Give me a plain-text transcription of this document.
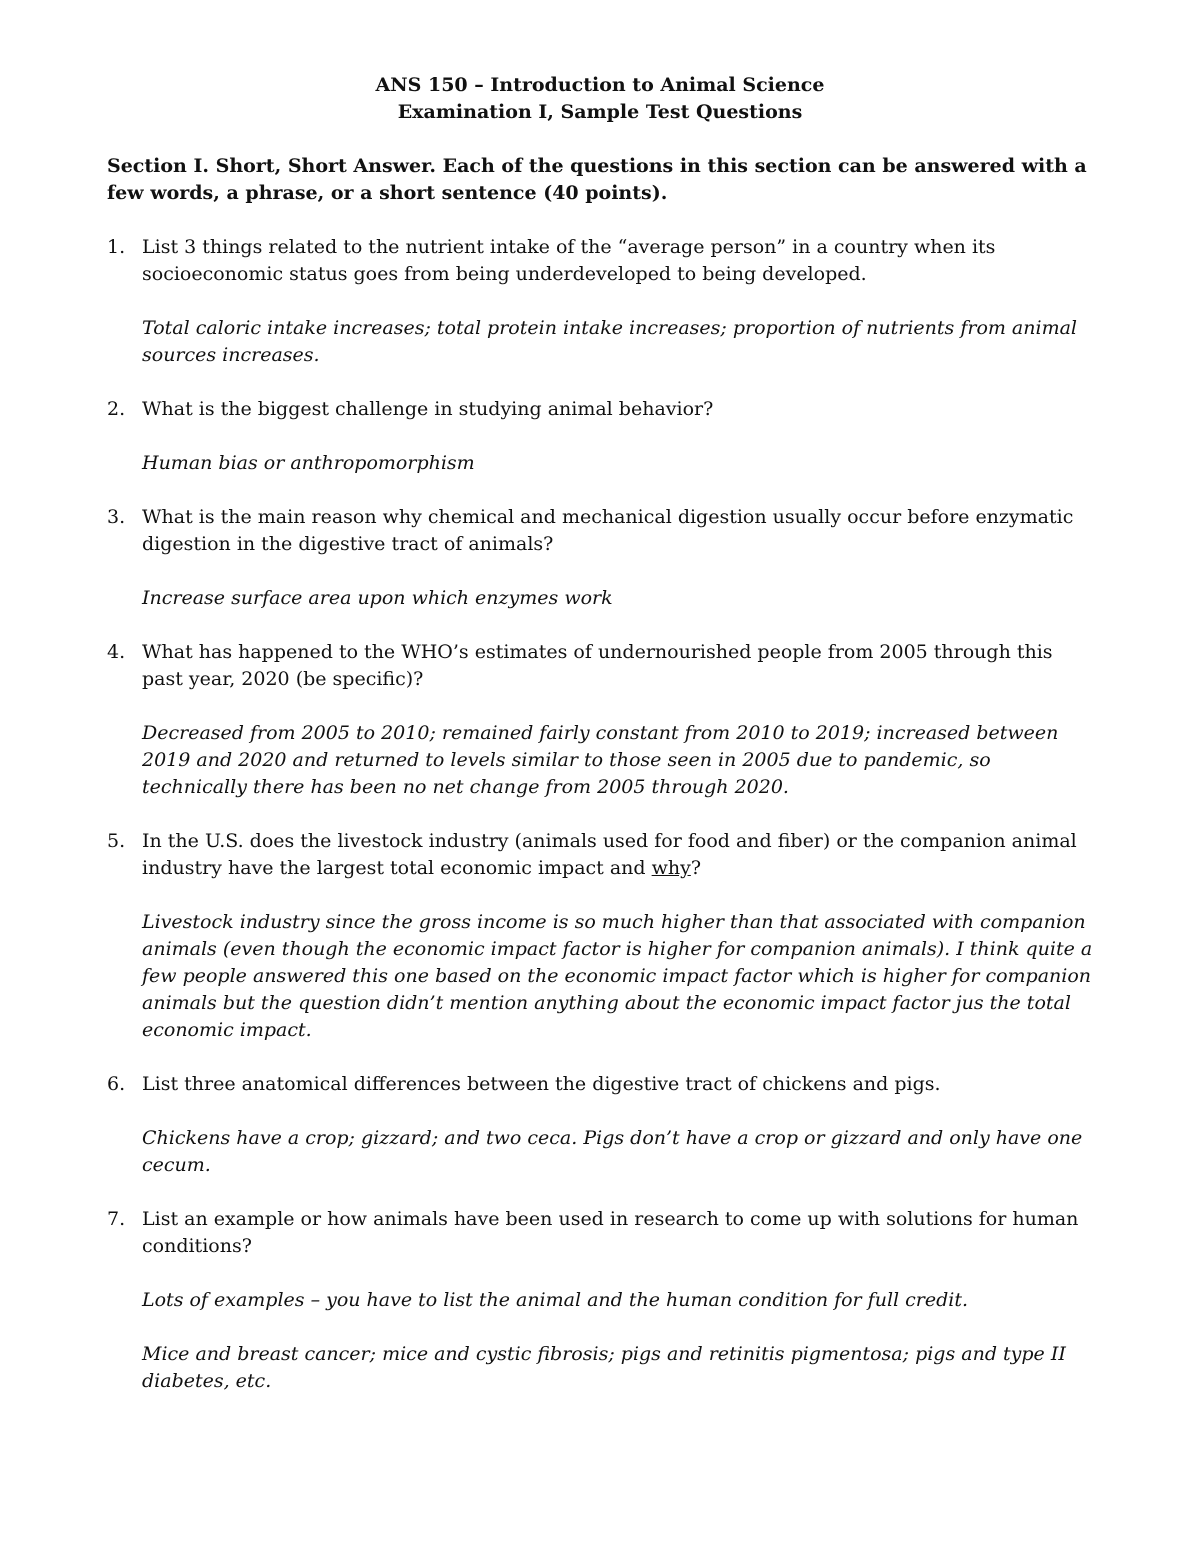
ANS 150 – Introduction to Animal Science
Examination I, Sample Test Questions
Section I. Short, Short Answer. Each of the questions in this section can be answered with a few words, a phrase, or a short sentence (40 points).
1. List 3 things related to the nutrient intake of the “average person” in a country when its socioeconomic status goes from being underdeveloped to being developed.
Total caloric intake increases; total protein intake increases; proportion of nutrients from animal sources increases.
2. What is the biggest challenge in studying animal behavior?
Human bias or anthropomorphism
3. What is the main reason why chemical and mechanical digestion usually occur before enzymatic digestion in the digestive tract of animals?
Increase surface area upon which enzymes work
4. What has happened to the WHO’s estimates of undernourished people from 2005 through this past year, 2020 (be specific)?
Decreased from 2005 to 2010; remained fairly constant from 2010 to 2019; increased between 2019 and 2020 and returned to levels similar to those seen in 2005 due to pandemic, so technically there has been no net change from 2005 through 2020.
5. In the U.S. does the livestock industry (animals used for food and fiber) or the companion animal industry have the largest total economic impact and why?
Livestock industry since the gross income is so much higher than that associated with companion animals (even though the economic impact factor is higher for companion animals). I think quite a few people answered this one based on the economic impact factor which is higher for companion animals but the question didn’t mention anything about the economic impact factor jus the total economic impact.
6. List three anatomical differences between the digestive tract of chickens and pigs.
Chickens have a crop; gizzard; and two ceca. Pigs don’t have a crop or gizzard and only have one cecum.
7. List an example or how animals have been used in research to come up with solutions for human conditions?
Lots of examples – you have to list the animal and the human condition for full credit.
Mice and breast cancer; mice and cystic fibrosis; pigs and retinitis pigmentosa; pigs and type II diabetes, etc.
